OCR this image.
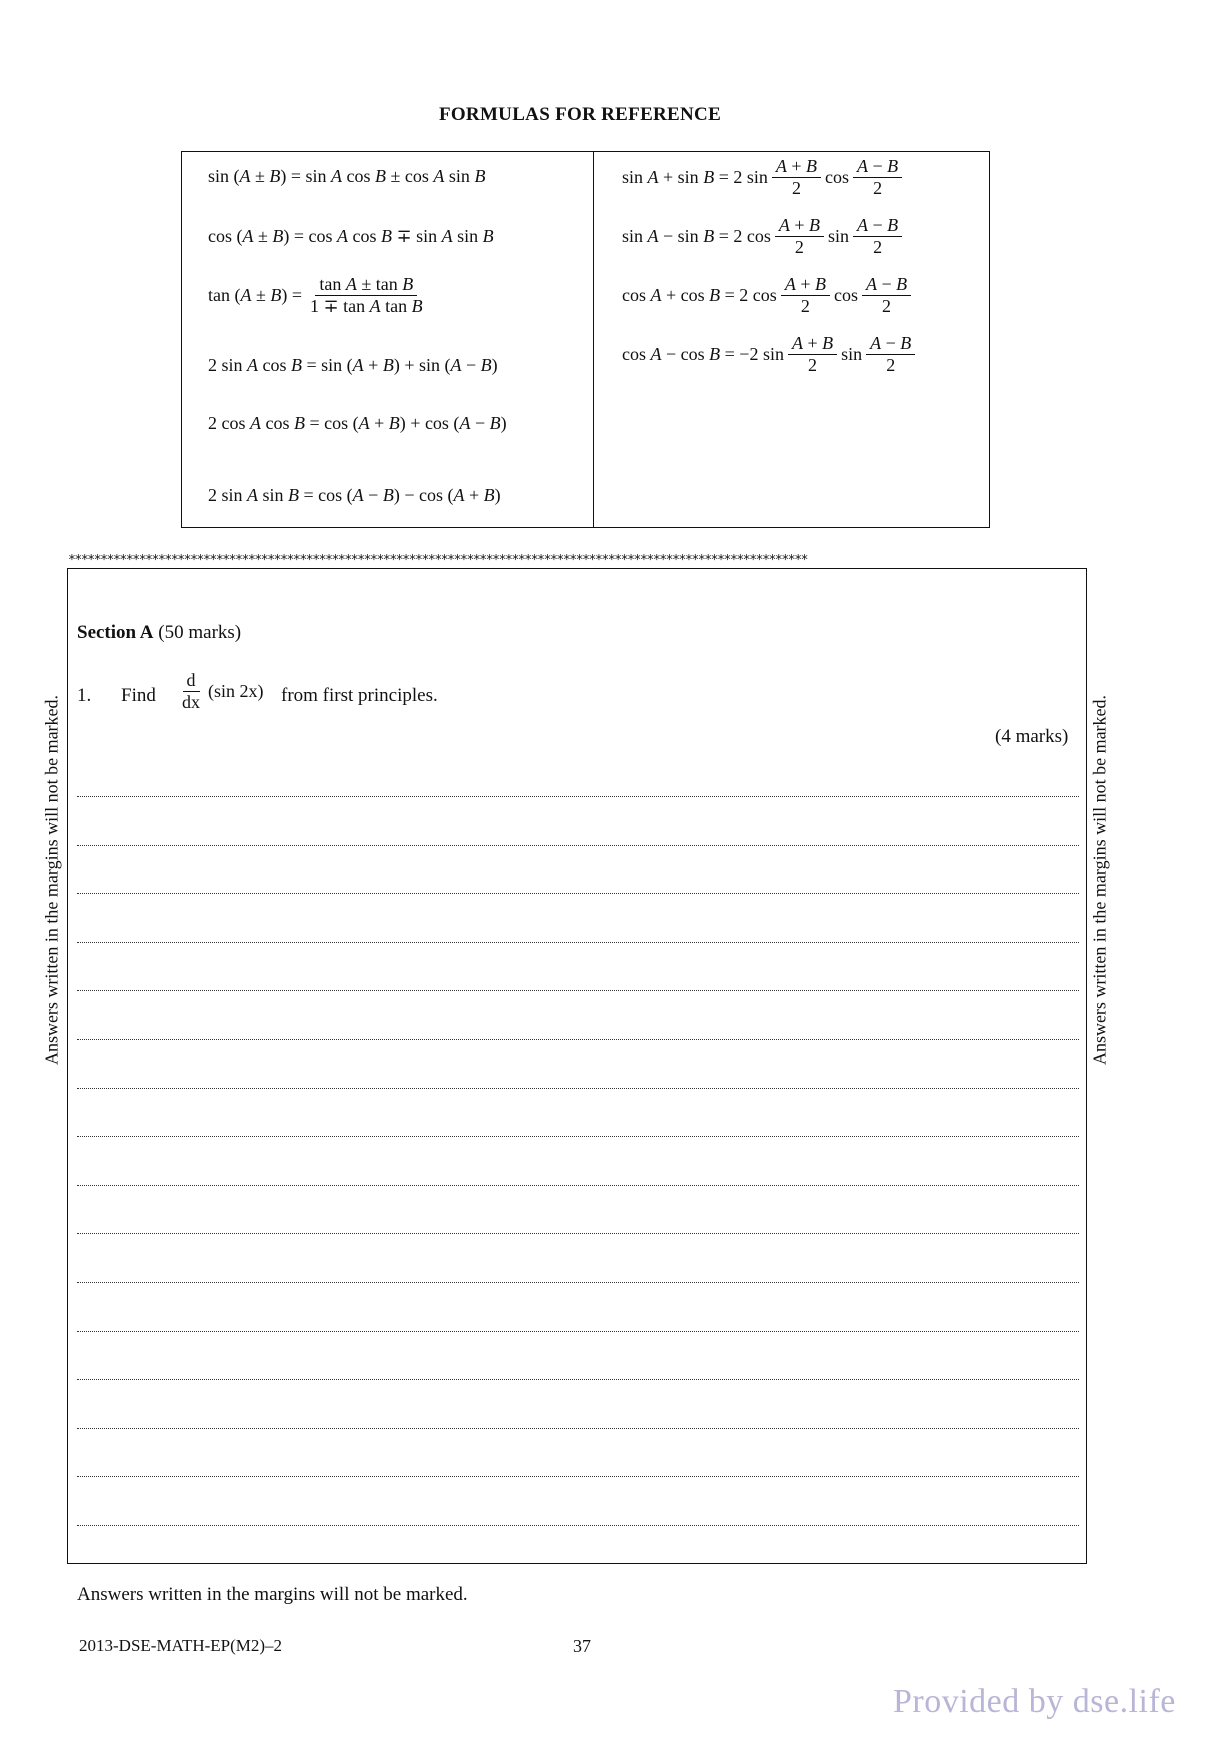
FORMULAS FOR REFERENCE
sin ( A ± B ) = sin A cos B ± cos A sin B
cos ( A ± B ) = cos A cos B ∓ sin A sin B
tan ( A ± B ) = $\frac{\text{tan A ± tan B}}{\text{1 ∓ tan A tan B}}$
2 sin A cos B = sin ( A + B ) + sin ( A − B )
2 cos A cos B = cos ( A + B ) + cos ( A − B )
2 sin A sin B = cos ( A − B ) − cos ( A + B )
sin A + sin B = 2 $\sin \frac{A + B}{2}$ $\cos \frac{A - B}{2}$
sin A − sin B = 2 $\cos \frac{A + B}{2}$ $\sin \frac{A - B}{2}$
cos A + cos B = 2 $\cos \frac{A + B}{2}$ $\cos \frac{A - B}{2}$
cos A − cos B = −2 $\sin \frac{A + B}{2}$ $\sin \frac{A - B}{2}$
*******************************************************************************************************************
Section A (50 marks)
1. Find $\frac{d}{dx} (\sin$ 2x) from first principles.
(4 marks)
Answers written in the margins will not be marked.	Answers written in the margins will not be marked.
Answers written in the margins will not be marked.
2013-DSE-MATH-EP(M2)–2	37
Provided by dse.life
